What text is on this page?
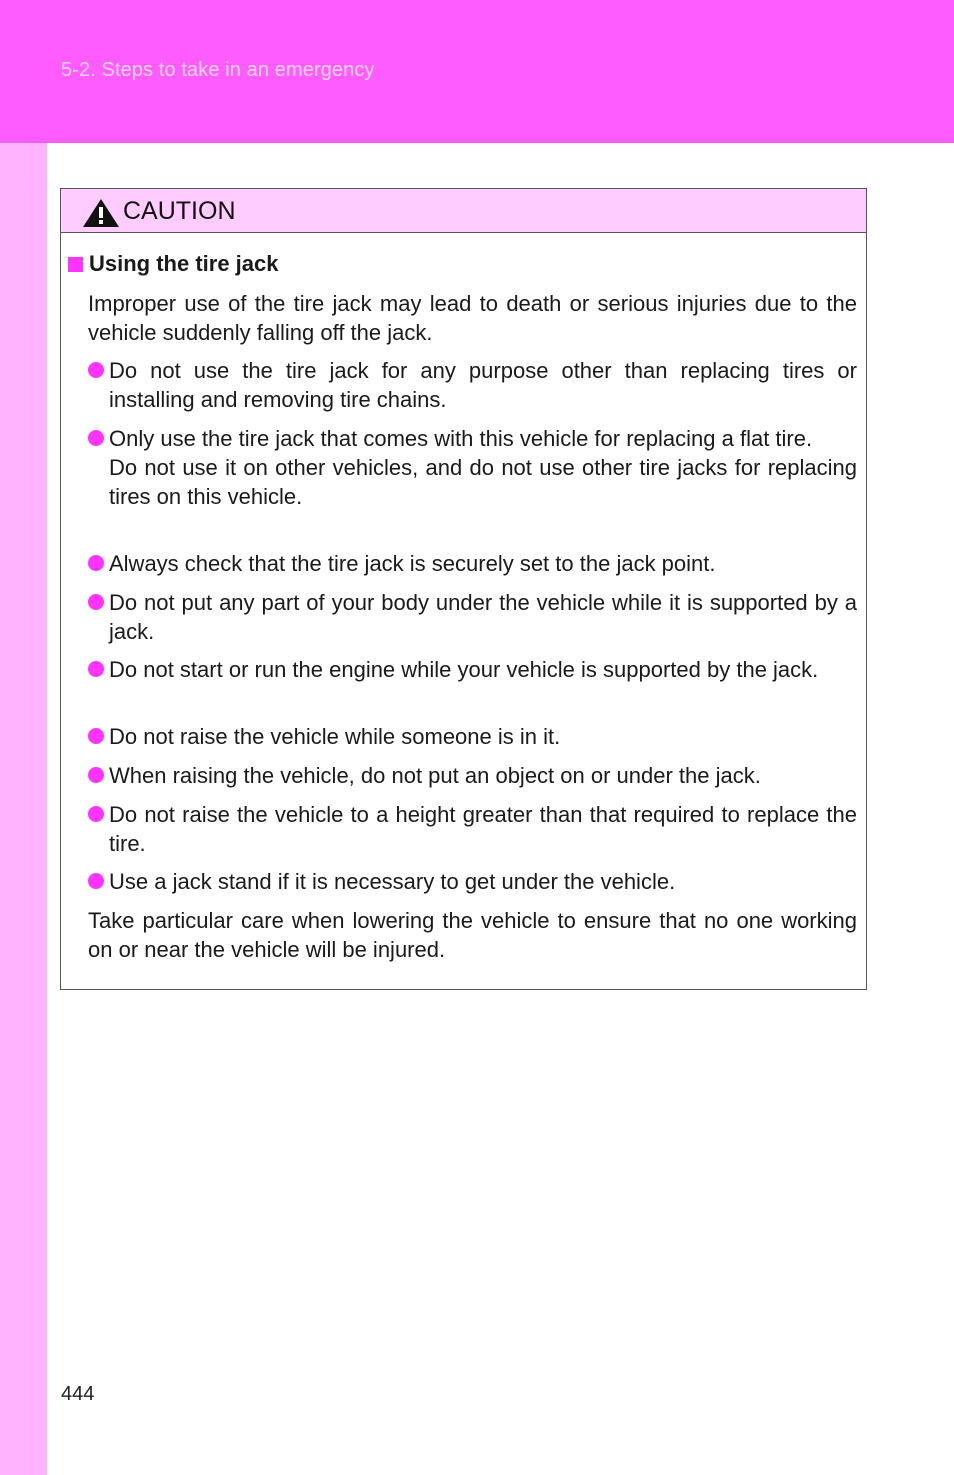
5-2. Steps to take in an emergency
CAUTION
Using the tire jack
Improper use of the tire jack may lead to death or serious injuries due to the vehicle suddenly falling off the jack.
Do not use the tire jack for any purpose other than replacing tires or installing and removing tire chains.
Only use the tire jack that comes with this vehicle for replacing a flat tire.
Do not use it on other vehicles, and do not use other tire jacks for replacing tires on this vehicle.
Always check that the tire jack is securely set to the jack point.
Do not put any part of your body under the vehicle while it is supported by a jack.
Do not start or run the engine while your vehicle is supported by the jack.
Do not raise the vehicle while someone is in it.
When raising the vehicle, do not put an object on or under the jack.
Do not raise the vehicle to a height greater than that required to replace the tire.
Use a jack stand if it is necessary to get under the vehicle.
Take particular care when lowering the vehicle to ensure that no one working on or near the vehicle will be injured.
444
